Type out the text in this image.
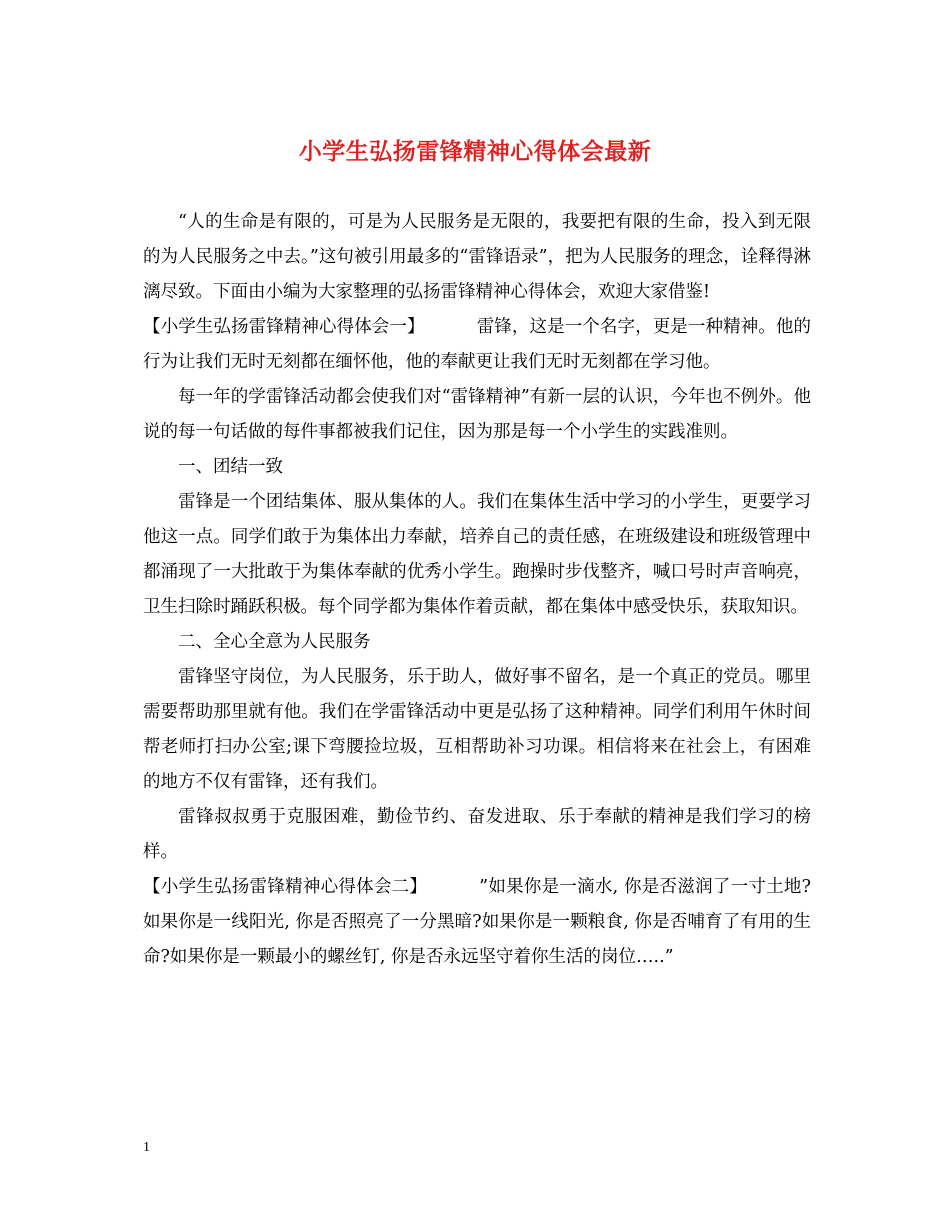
小学生弘扬雷锋精神心得体会最新

“人的生命是有限的，可是为人民服务是无限的，我要把有限的生命，投入到无限的为人民服务之中去。”这句被引用最多的“雷锋语录”，把为人民服务的理念，诠释得淋漓尽致。下面由小编为大家整理的弘扬雷锋精神心得体会，欢迎大家借鉴!

【小学生弘扬雷锋精神心得体会一】	雷锋，这是一个名字，更是一种精神。他的行为让我们无时无刻都在缅怀他，他的奉献更让我们无时无刻都在学习他。

每一年的学雷锋活动都会使我们对“雷锋精神”有新一层的认识，今年也不例外。他说的每一句话做的每件事都被我们记住，因为那是每一个小学生的实践准则。

一、团结一致

雷锋是一个团结集体、服从集体的人。我们在集体生活中学习的小学生，更要学习他这一点。同学们敢于为集体出力奉献，培养自己的责任感，在班级建设和班级管理中都涌现了一大批敢于为集体奉献的优秀小学生。跑操时步伐整齐，喊口号时声音响亮，卫生扫除时踊跃积极。每个同学都为集体作着贡献，都在集体中感受快乐，获取知识。

二、全心全意为人民服务

雷锋坚守岗位，为人民服务，乐于助人，做好事不留名，是一个真正的党员。哪里需要帮助那里就有他。我们在学雷锋活动中更是弘扬了这种精神。同学们利用午休时间帮老师打扫办公室;课下弯腰捡垃圾，互相帮助补习功课。相信将来在社会上，有困难的地方不仅有雷锋，还有我们。

雷锋叔叔勇于克服困难，勤俭节约、奋发进取、乐于奉献的精神是我们学习的榜样。

【小学生弘扬雷锋精神心得体会二】	”如果你是一滴水, 你是否滋润了一寸土地?如果你是一线阳光, 你是否照亮了一分黑暗?如果你是一颗粮食, 你是否哺育了有用的生命?如果你是一颗最小的螺丝钉, 你是否永远坚守着你生活的岗位…..”

1
